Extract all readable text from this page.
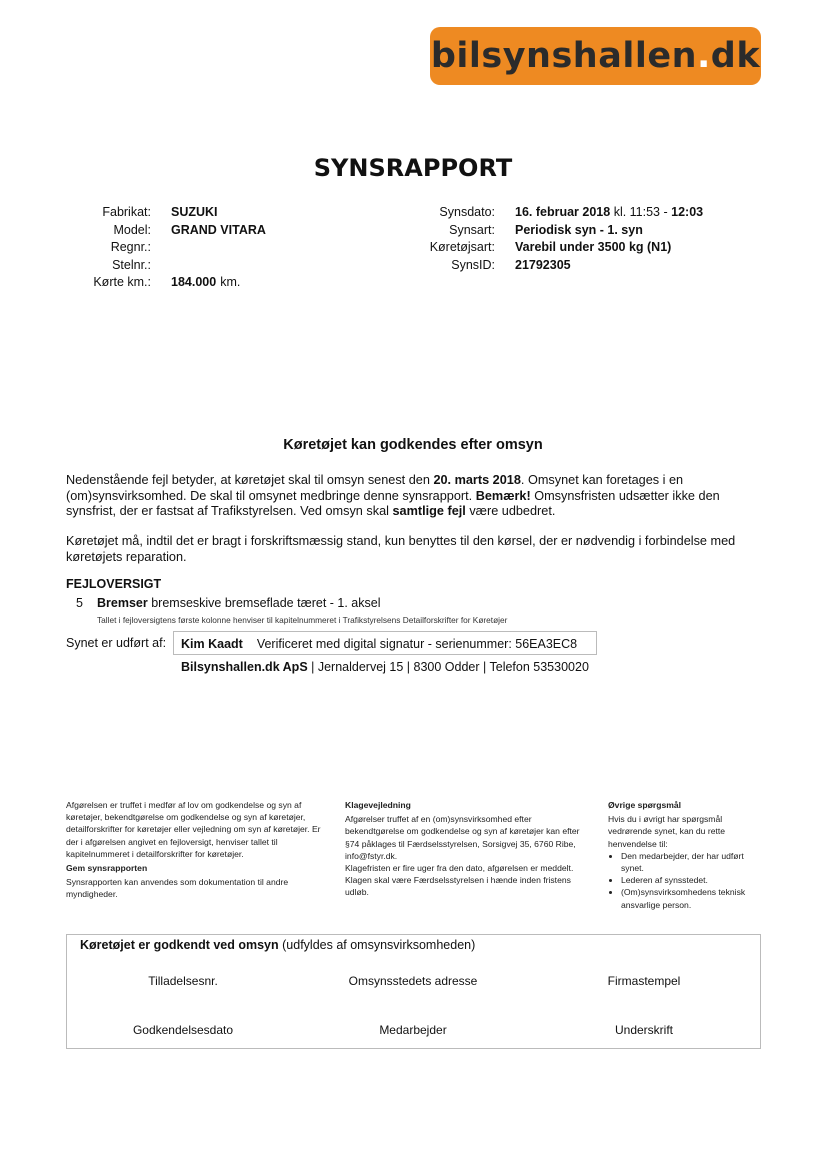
bilsynshallen . dk
SYNSRAPPORT
Fabrikat: SUZUKI
Model: GRAND VITARA
Regnr.:
Stelnr.:
Kørte km.: 184.000 km.
Synsdato: 16. februar 2018 kl. 11:53 - 12:03
Synsart: Periodisk syn - 1. syn
Køretøjsart: Varebil under 3500 kg (N1)
SynsID: 21792305
Køretøjet kan godkendes efter omsyn
Nedenstående fejl betyder, at køretøjet skal til omsyn senest den 20. marts 2018. Omsynet kan foretages i en (om)synsvirksomhed. De skal til omsynet medbringe denne synsrapport. Bemærk! Omsynsfristen udsætter ikke den synsfrist, der er fastsat af Trafikstyrelsen. Ved omsyn skal samtlige fejl være udbedret.
Køretøjet må, indtil det er bragt i forskriftsmæssig stand, kun benyttes til den kørsel, der er nødvendig i forbindelse med køretøjets reparation.
FEJLOVERSIGT
5 Bremser bremseskive bremseflade tæret - 1. aksel
Tallet i fejloversigtens første kolonne henviser til kapitelnummeret i Trafikstyrelsens Detailforskrifter for Køretøjer
Synet er udført af:	Kim Kaadt Verificeret med digital signatur - serienummer: 56EA3EC8
Bilsynshallen.dk ApS | Jernaldervej 15 | 8300 Odder | Telefon 53530020
Afgørelsen er truffet i medfør af lov om godkendelse og syn af køretøjer, bekendtgørelse om godkendelse og syn af køretøjer, detailforskrifter for køretøjer eller vejledning om syn af køretøjer. Er der i afgørelsen angivet en fejloversigt, henviser tallet til kapitelnummeret i detailforskrifter for køretøjer.
Gem synsrapporten
Synsrapporten kan anvendes som dokumentation til andre myndigheder.
Klagevejledning
Afgørelser truffet af en (om)synsvirksomhed efter bekendtgørelse om godkendelse og syn af køretøjer kan efter §74 påklages til Færdselsstyrelsen, Sorsigvej 35, 6760 Ribe, info@fstyr.dk.
Klagefristen er fire uger fra den dato, afgørelsen er meddelt. Klagen skal være Færdselsstyrelsen i hænde inden fristens udløb.
Øvrige spørgsmål
Hvis du i øvrigt har spørgsmål vedrørende synet, kan du rette henvendelse til:
• Den medarbejder, der har udført synet.
• Lederen af synsstedet.
• (Om)synsvirksomhedens teknisk ansvarlige person.
Køretøjet er godkendt ved omsyn (udfyldes af omsynsvirksomheden)
Tilladelsesnr.	Omsynsstedets adresse	Firmastempel
Godkendelsesdato	Medarbejder	Underskrift
